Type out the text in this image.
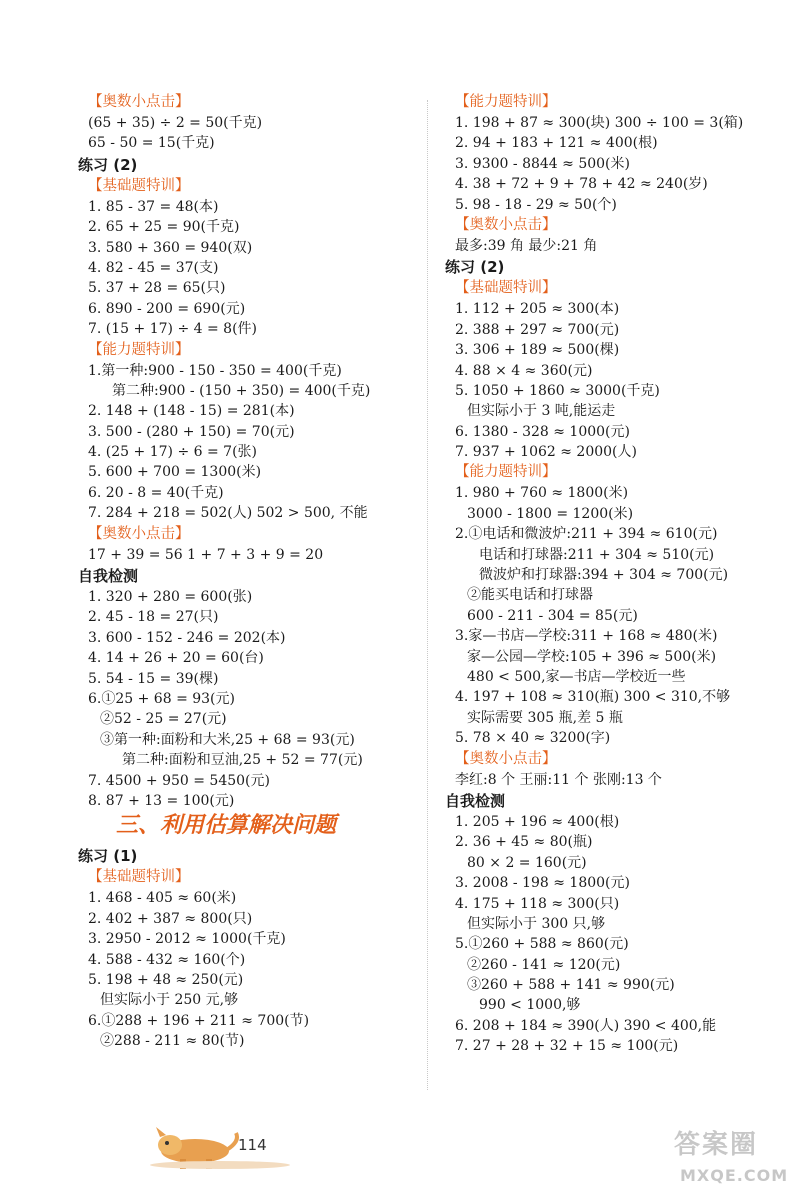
【奥数小点击】
(65 + 35) ÷ 2 = 50(千克)
65 - 50 = 15(千克)
练习 (2)
【基础题特训】
1. 85 - 37 = 48(本)
2. 65 + 25 = 90(千克)
3. 580 + 360 = 940(双)
4. 82 - 45 = 37(支)
5. 37 + 28 = 65(只)
6. 890 - 200 = 690(元)
7. (15 + 17) ÷ 4 = 8(件)
【能力题特训】
1.第一种:900 - 150 - 350 = 400(千克)
第二种:900 - (150 + 350) = 400(千克)
2. 148 + (148 - 15) = 281(本)
3. 500 - (280 + 150) = 70(元)
4. (25 + 17) ÷ 6 = 7(张)
5. 600 + 700 = 1300(米)
6. 20 - 8 = 40(千克)
7. 284 + 218 = 502(人) 502 > 500, 不能
【奥数小点击】
17 + 39 = 56 1 + 7 + 3 + 9 = 20
自我检测
1. 320 + 280 = 600(张)
2. 45 - 18 = 27(只)
3. 600 - 152 - 246 = 202(本)
4. 14 + 26 + 20 = 60(台)
5. 54 - 15 = 39(棵)
6.①25 + 68 = 93(元)
②52 - 25 = 27(元)
③第一种:面粉和大米,25 + 68 = 93(元)
第二种:面粉和豆油,25 + 52 = 77(元)
7. 4500 + 950 = 5450(元)
8. 87 + 13 = 100(元)
三、利用估算解决问题
练习 (1)
【基础题特训】
1. 468 - 405 ≈ 60(米)
2. 402 + 387 ≈ 800(只)
3. 2950 - 2012 ≈ 1000(千克)
4. 588 - 432 ≈ 160(个)
5. 198 + 48 ≈ 250(元)
但实际小于 250 元,够
6.①288 + 196 + 211 ≈ 700(节)
②288 - 211 ≈ 80(节)
【能力题特训】
1. 198 + 87 ≈ 300(块) 300 ÷ 100 = 3(箱)
2. 94 + 183 + 121 ≈ 400(根)
3. 9300 - 8844 ≈ 500(米)
4. 38 + 72 + 9 + 78 + 42 ≈ 240(岁)
5. 98 - 18 - 29 ≈ 50(个)
【奥数小点击】
最多:39 角 最少:21 角
练习 (2)
【基础题特训】
1. 112 + 205 ≈ 300(本)
2. 388 + 297 ≈ 700(元)
3. 306 + 189 ≈ 500(棵)
4. 88 × 4 ≈ 360(元)
5. 1050 + 1860 ≈ 3000(千克)
但实际小于 3 吨,能运走
6. 1380 - 328 ≈ 1000(元)
7. 937 + 1062 ≈ 2000(人)
【能力题特训】
1. 980 + 760 ≈ 1800(米)
3000 - 1800 = 1200(米)
2.①电话和微波炉:211 + 394 ≈ 610(元)
电话和打球器:211 + 304 ≈ 510(元)
微波炉和打球器:394 + 304 ≈ 700(元)
②能买电话和打球器
600 - 211 - 304 = 85(元)
3.家—书店—学校:311 + 168 ≈ 480(米)
家—公园—学校:105 + 396 ≈ 500(米)
480 < 500,家—书店—学校近一些
4. 197 + 108 ≈ 310(瓶) 300 < 310,不够
实际需要 305 瓶,差 5 瓶
5. 78 × 40 ≈ 3200(字)
【奥数小点击】
李红:8 个 王丽:11 个 张刚:13 个
自我检测
1. 205 + 196 ≈ 400(根)
2. 36 + 45 ≈ 80(瓶)
80 × 2 = 160(元)
3. 2008 - 198 ≈ 1800(元)
4. 175 + 118 ≈ 300(只)
但实际小于 300 只,够
5.①260 + 588 ≈ 860(元)
②260 - 141 ≈ 120(元)
③260 + 588 + 141 ≈ 990(元)
990 < 1000,够
6. 208 + 184 ≈ 390(人) 390 < 400,能
7. 27 + 28 + 32 + 15 ≈ 100(元)
114	答案圈
MXQE.COM
